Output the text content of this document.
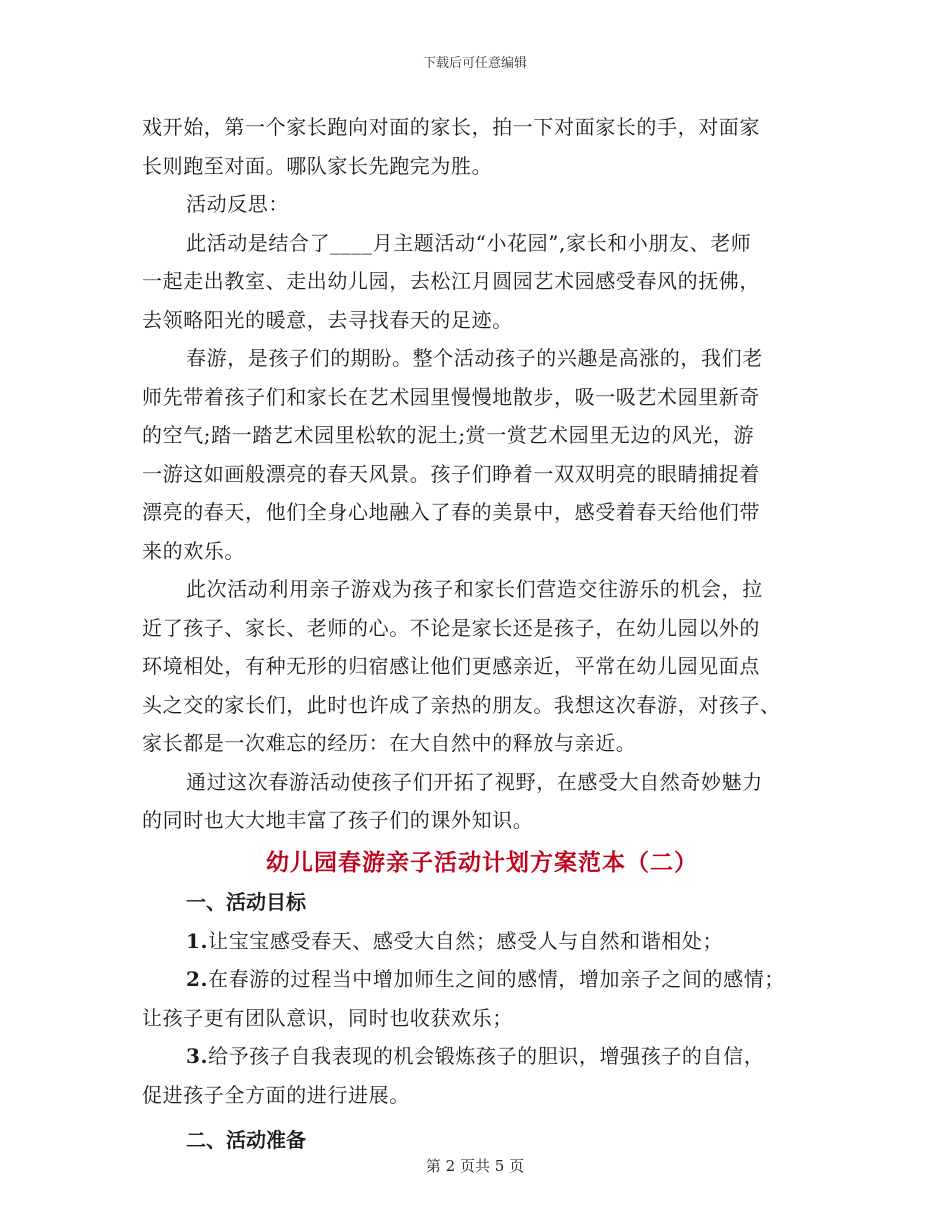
下载后可任意编辑

戏开始，第一个家长跑向对面的家长，拍一下对面家长的手，对面家

长则跑至对面。哪队家长先跑完为胜。

活动反思：

此活动是结合了____月主题活动“小花园”,家长和小朋友、老师

一起走出教室、走出幼儿园，去松江月圆园艺术园感受春风的抚佛，

去领略阳光的暖意，去寻找春天的足迹。

春游，是孩子们的期盼。整个活动孩子的兴趣是高涨的，我们老

师先带着孩子们和家长在艺术园里慢慢地散步，吸一吸艺术园里新奇

的空气;踏一踏艺术园里松软的泥土;赏一赏艺术园里无边的风光，游

一游这如画般漂亮的春天风景。孩子们睁着一双双明亮的眼睛捕捉着

漂亮的春天，他们全身心地融入了春的美景中，感受着春天给他们带

来的欢乐。

此次活动利用亲子游戏为孩子和家长们营造交往游乐的机会，拉

近了孩子、家长、老师的心。不论是家长还是孩子，在幼儿园以外的

环境相处，有种无形的归宿感让他们更感亲近，平常在幼儿园见面点

头之交的家长们，此时也许成了亲热的朋友。我想这次春游，对孩子、

家长都是一次难忘的经历：在大自然中的释放与亲近。

通过这次春游活动使孩子们开拓了视野，在感受大自然奇妙魅力

的同时也大大地丰富了孩子们的课外知识。

幼儿园春游亲子活动计划方案范本（二）

一、活动目标

1.让宝宝感受春天、感受大自然；感受人与自然和谐相处；

2.在春游的过程当中增加师生之间的感情，增加亲子之间的感情；

让孩子更有团队意识，同时也收获欢乐；

3.给予孩子自我表现的机会锻炼孩子的胆识，增强孩子的自信，

促进孩子全方面的进行进展。

二、活动准备

第 2 页共 5 页
